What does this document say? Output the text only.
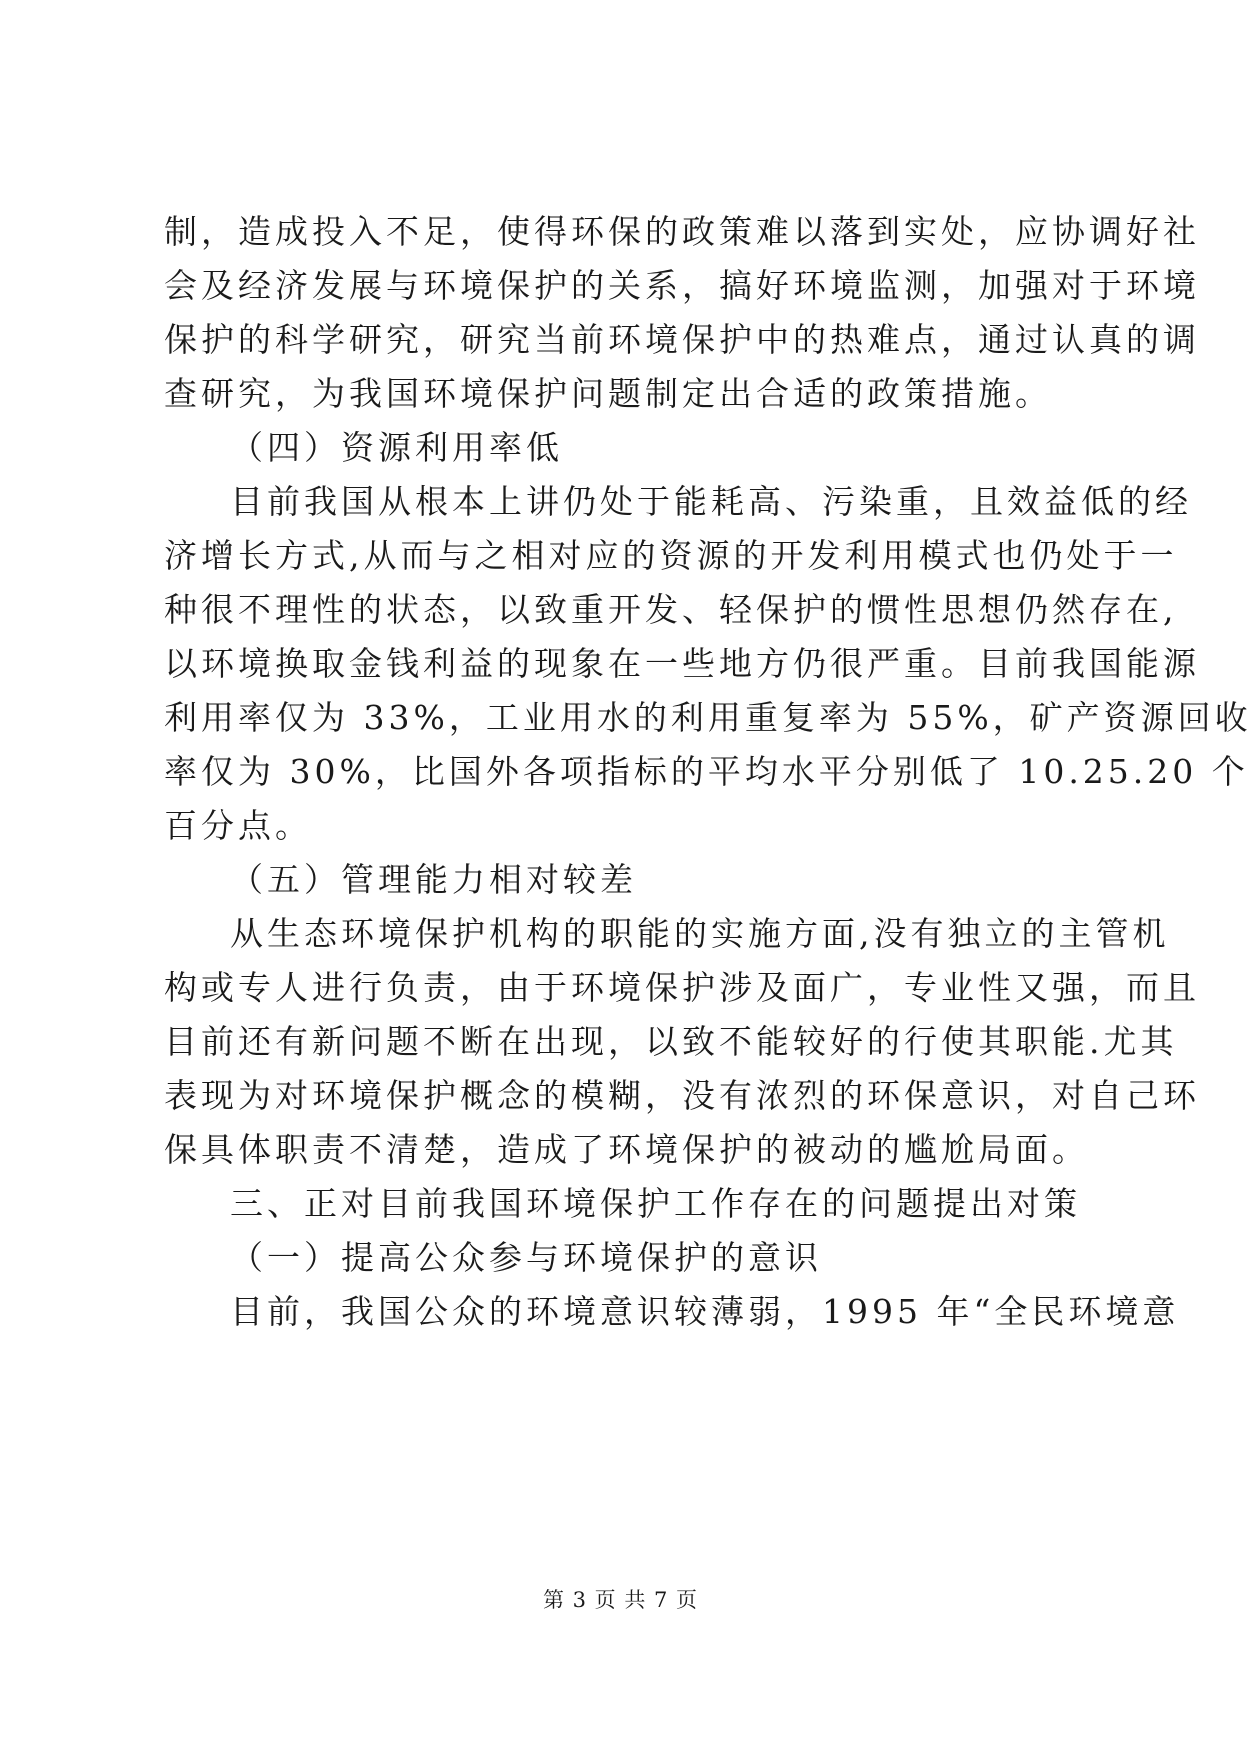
制，造成投入不足，使得环保的政策难以落到实处，应协调好社
会及经济发展与环境保护的关系，搞好环境监测，加强对于环境
保护的科学研究，研究当前环境保护中的热难点，通过认真的调
查研究，为我国环境保护问题制定出合适的政策措施。
（四）资源利用率低
目前我国从根本上讲仍处于能耗高、污染重，且效益低的经
济增长方式,从而与之相对应的资源的开发利用模式也仍处于一
种很不理性的状态，以致重开发、轻保护的惯性思想仍然存在,
以环境换取金钱利益的现象在一些地方仍很严重。目前我国能源
利用率仅为 33%，工业用水的利用重复率为 55%，矿产资源回收
率仅为 30%，比国外各项指标的平均水平分别低了 10.25.20 个
百分点。
（五）管理能力相对较差
从生态环境保护机构的职能的实施方面,没有独立的主管机
构或专人进行负责，由于环境保护涉及面广，专业性又强，而且
目前还有新问题不断在出现，以致不能较好的行使其职能.尤其
表现为对环境保护概念的模糊，没有浓烈的环保意识，对自己环
保具体职责不清楚，造成了环境保护的被动的尴尬局面。
三、正对目前我国环境保护工作存在的问题提出对策
（一）提高公众参与环境保护的意识
目前，我国公众的环境意识较薄弱，1995 年“全民环境意
第 3 页 共 7 页
